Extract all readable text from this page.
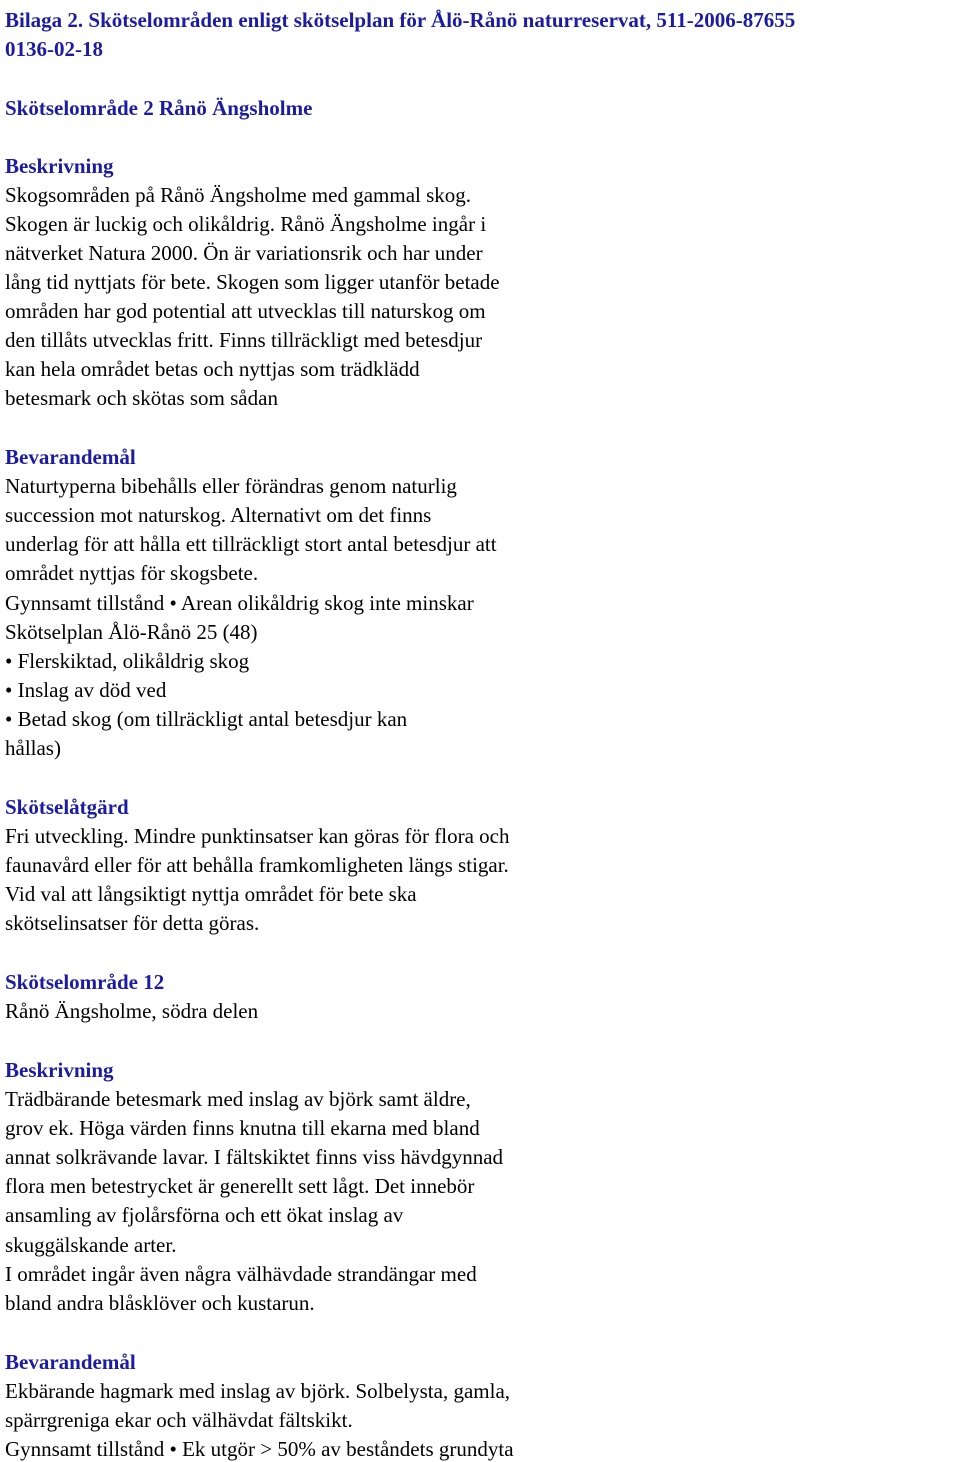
Bilaga 2. Skötselområden enligt skötselplan för Ålö-Rånö naturreservat, 511-2006-87655
0136-02-18
Skötselområde 2 Rånö Ängsholme
Beskrivning
Skogsområden på Rånö Ängsholme med gammal skog.
Skogen är luckig och olikåldrig. Rånö Ängsholme ingår i
nätverket Natura 2000. Ön är variationsrik och har under
lång tid nyttjats för bete. Skogen som ligger utanför betade
områden har god potential att utvecklas till naturskog om
den tillåts utvecklas fritt. Finns tillräckligt med betesdjur
kan hela området betas och nyttjas som trädklädd
betesmark och skötas som sådan
Bevarandemål
Naturtyperna bibehålls eller förändras genom naturlig
succession mot naturskog. Alternativt om det finns
underlag för att hålla ett tillräckligt stort antal betesdjur att
området nyttjas för skogsbete.
Gynnsamt tillstånd • Arean olikåldrig skog inte minskar
Skötselplan Ålö-Rånö 25 (48)
• Flerskiktad, olikåldrig skog
• Inslag av död ved
• Betad skog (om tillräckligt antal betesdjur kan
hållas)
Skötselåtgärd
Fri utveckling. Mindre punktinsatser kan göras för flora och
faunavård eller för att behålla framkomligheten längs stigar.
Vid val att långsiktigt nyttja området för bete ska
skötselinsatser för detta göras.
Skötselområde 12
Rånö Ängsholme, södra delen
Beskrivning
Trädbärande betesmark med inslag av björk samt äldre,
grov ek. Höga värden finns knutna till ekarna med bland
annat solkrävande lavar. I fältskiktet finns viss hävdgynnad
flora men betestrycket är generellt sett lågt. Det innebör
ansamling av fjolårsförna och ett ökat inslag av
skuggälskande arter.
I området ingår även några välhävdade strandängar med
bland andra blåsklöver och kustarun.
Bevarandemål
Ekbärande hagmark med inslag av björk. Solbelysta, gamla,
spärrgreniga ekar och välhävdat fältskikt.
Gynnsamt tillstånd • Ek utgör > 50% av beståndets grundyta
